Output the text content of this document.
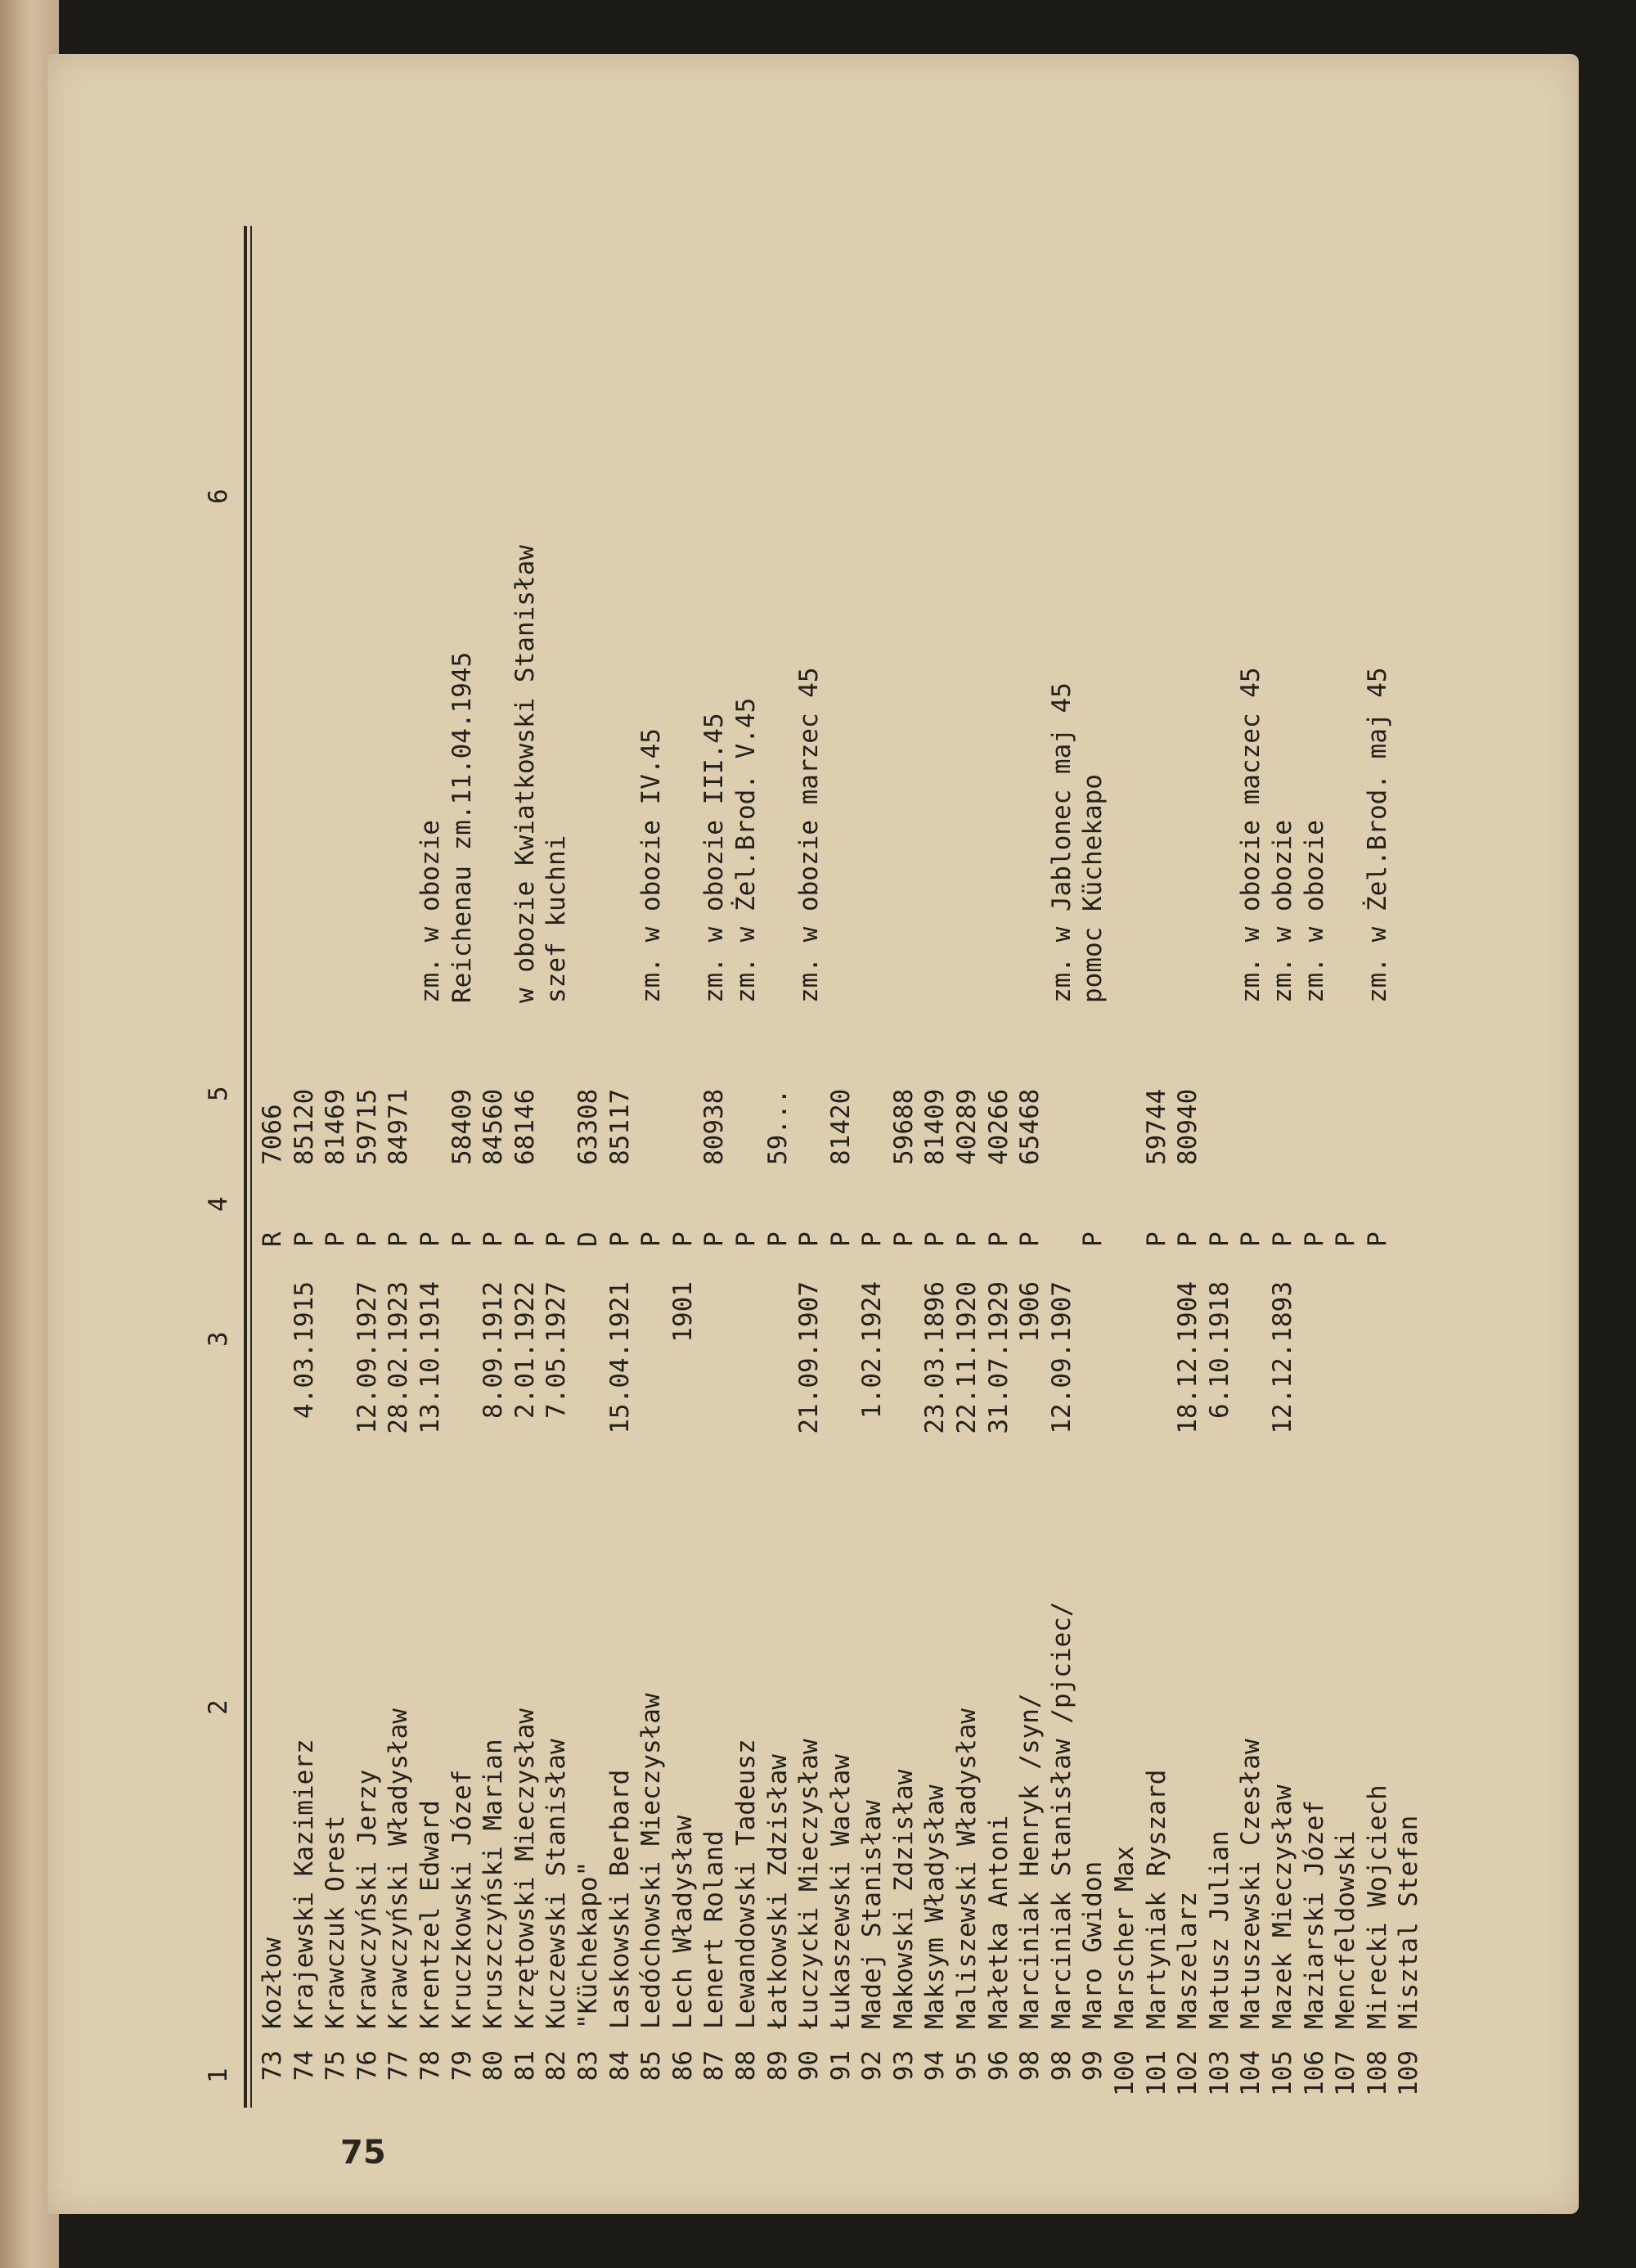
1
2
3
4
5
6
73
Kozłow
R
7066
74
Krajewski Kazimierz
4.03.1915
P
85120
75
Krawczuk Orest
P
81469
76
Krawczyński Jerzy
12.09.1927
P
59715
77
Krawczyński Władysław
28.02.1923
P
84971
78
Krentzel Edward
13.10.1914
P
zm. w obozie
79
Kruczkowski Józef
P
58409
Reichenau zm.11.04.1945
80
Kruszczyński Marian
8.09.1912
P
84560
81
Krzętowski Mieczysław
2.01.1922
P
68146
w obozie Kwiatkowski Stanisław
82
Kuczewski Stanisław
7.05.1927
P
szef kuchni
83
"Küchekapo"
D
63308
84
Laskowski Berbard
15.04.1921
P
85117
85
Ledóchowski Mieczysław
P
zm. w obozie IV.45
86
Lech Władysław
1901
P
87
Lenert Roland
P
80938
zm. w obozie III.45
88
Lewandowski Tadeusz
P
zm. w Żel.Brod. V.45
89
Łatkowski Zdzisław
P
59...
90
Łuczycki Mieczysław
21.09.1907
P
zm. w obozie marzec 45
91
Łukaszewski Wacław
P
81420
92
Madej Stanisław
1.02.1924
P
93
Makowski Zdzisław
P
59688
94
Maksym Władysław
23.03.1896
P
81409
95
Maliszewski Władysław
22.11.1920
P
40289
96
Małetka Antoni
31.07.1929
P
40266
98
Marciniak Henryk /syn/
1906
P
65468
98
Marciniak Stanisław /pjciec/
12.09.1907
zm. w Jablonec maj 45
99
Maro Gwidon
P
pomoc Küchekapo
100
Marscher Max
101
Martyniak Ryszard
P
59744
102
Maszelarz
18.12.1904
P
80940
103
Matusz Julian
6.10.1918
P
104
Matuszewski Czesław
P
zm. w obozie maczec 45
105
Mazek Mieczysław
12.12.1893
P
zm. w obozie
106
Maziarski Józef
P
zm. w obozie
107
Mencfeldowski
P
108
Mirecki Wojciech
P
zm. w Żel.Brod. maj 45
109
Misztal Stefan
75
